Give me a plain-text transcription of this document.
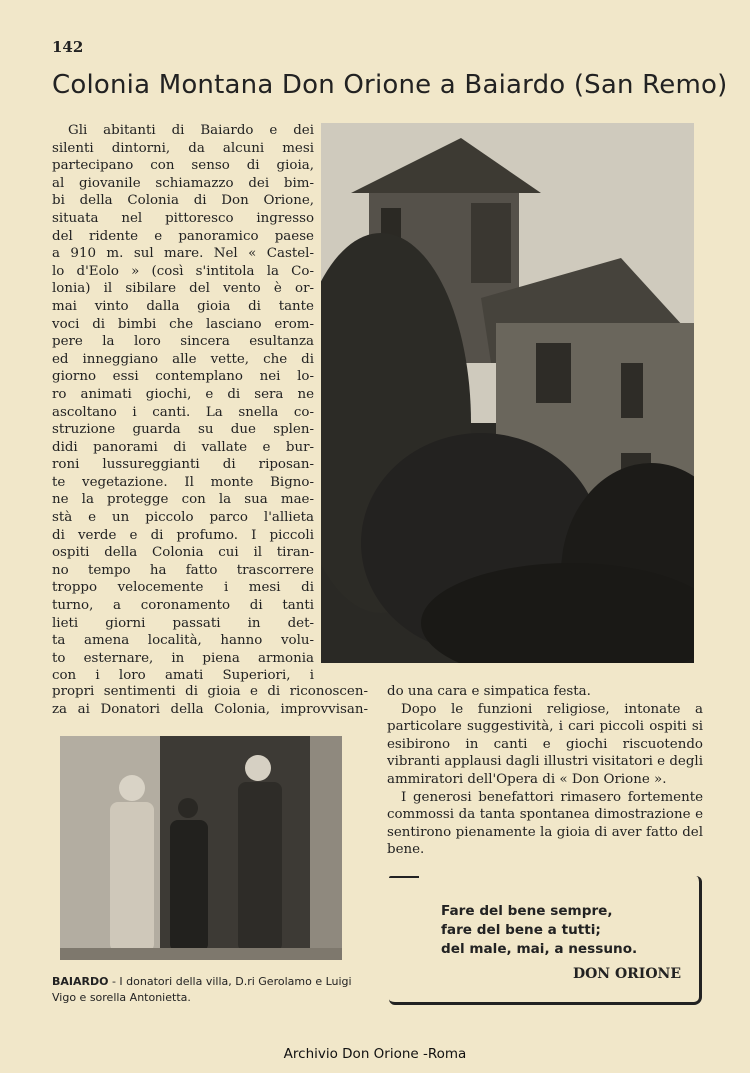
142
Colonia Montana Don Orione a Baiardo (San Remo)
Gli abitanti di Baiardo e dei
silenti dintorni, da alcuni mesi
partecipano con senso di gioia,
al giovanile schiamazzo dei bim-
bi della Colonia di Don Orione,
situata nel pittoresco ingresso
del ridente e panoramico paese
a 910 m. sul mare. Nel « Castel-
lo d'Eolo » (così s'intitola la Co-
lonia) il sibilare del vento è or-
mai vinto dalla gioia di tante
voci di bimbi che lasciano erom-
pere la loro sincera esultanza
ed inneggiano alle vette, che di
giorno essi contemplano nei lo-
ro animati giochi, e di sera ne
ascoltano i canti. La snella co-
struzione guarda su due splen-
didi panorami di vallate e bur-
roni lussureggianti di riposan-
te vegetazione. Il monte Bigno-
ne la protegge con la sua mae-
stà e un piccolo parco l'allieta
di verde e di profumo. I piccoli
ospiti della Colonia cui il tiran-
no tempo ha fatto trascorrere
troppo velocemente i mesi di
turno, a coronamento di tanti
lieti giorni passati in det-
ta amena località, hanno volu-
to esternare, in piena armonia
con i loro amati Superiori, i
propri sentimenti di gioia e di riconoscen-
za ai Donatori della Colonia, improvvisan-

do una cara e simpatica festa.

Dopo le funzioni religiose, intonate a particolare suggestività, i cari piccoli ospiti si esibirono in canti e giochi riscuotendo vibranti applausi dagli illustri visitatori e degli ammiratori dell'Opera di « Don Orione ».

I generosi benefattori rimasero fortemente commossi da tanta spontanea dimostrazione e sentirono pienamente la gioia di aver fatto del bene.

BAIARDO - I donatori della villa, D.ri Gerolamo e Luigi Vigo e sorella Antonietta.
Fare del bene sempre,
fare del bene a tutti;
del male, mai, a nessuno.
DON ORIONE
Archivio Don Orione -Roma
